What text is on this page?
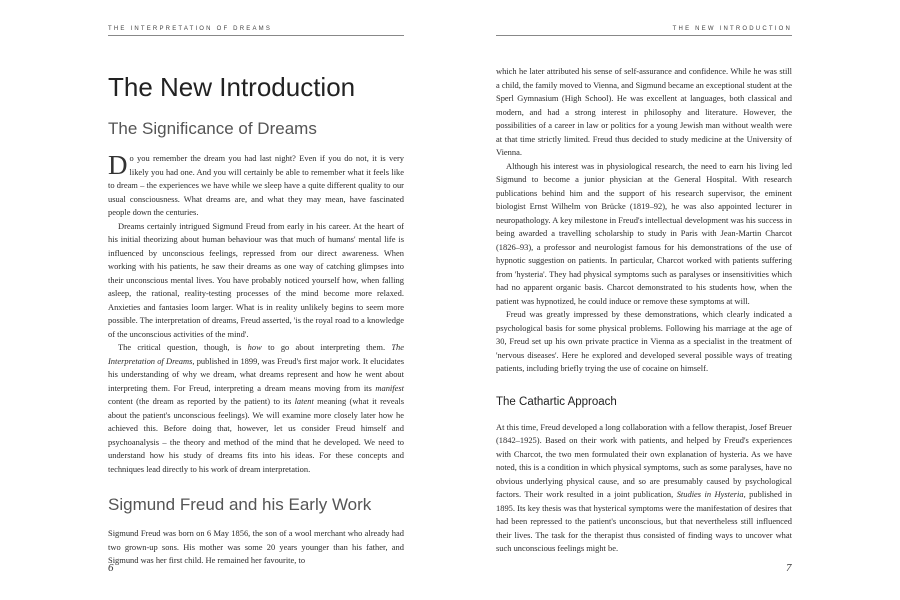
THE INTERPRETATION OF DREAMS
The New Introduction
The Significance of Dreams

Do you remember the dream you had last night? Even if you do not, it is very likely you had one. And you will certainly be able to remember what it feels like to dream – the experiences we have while we sleep have a quite different quality to our usual consciousness. What dreams are, and what they may mean, have fascinated people down the centuries.

Dreams certainly intrigued Sigmund Freud from early in his career. At the heart of his initial theorizing about human behaviour was that much of humans' mental life is influenced by unconscious feelings, repressed from our direct awareness. When working with his patients, he saw their dreams as one way of catching glimpses into their unconscious mental lives. You have probably noticed yourself how, when falling asleep, the rational, reality-testing processes of the mind become more relaxed. Anxieties and fantasies loom larger. What is in reality unlikely begins to seem more possible. The interpretation of dreams, Freud asserted, 'is the royal road to a knowledge of the unconscious activities of the mind'.

The critical question, though, is how to go about interpreting them. The Interpretation of Dreams, published in 1899, was Freud's first major work. It elucidates his understanding of why we dream, what dreams represent and how he went about interpreting them. For Freud, interpreting a dream means moving from its manifest content (the dream as reported by the patient) to its latent meaning (what it reveals about the patient's unconscious feelings). We will examine more closely later how he achieved this. Before doing that, however, let us consider Freud himself and psychoanalysis – the theory and method of the mind that he developed. We need to understand how his study of dreams fits into his ideas. For these concepts and techniques lead directly to his work of dream interpretation.

Sigmund Freud and his Early Work

Sigmund Freud was born on 6 May 1856, the son of a wool merchant who already had two grown-up sons. His mother was some 20 years younger than his father, and Sigmund was her first child. He remained her favourite, to

6
THE NEW INTRODUCTION

which he later attributed his sense of self-assurance and confidence. While he was still a child, the family moved to Vienna, and Sigmund became an exceptional student at the Sperl Gymnasium (High School). He was excellent at languages, both classical and modern, and had a strong interest in philosophy and literature. However, the possibilities of a career in law or politics for a young Jewish man without wealth were at that time strictly limited. Freud thus decided to study medicine at the University of Vienna.

Although his interest was in physiological research, the need to earn his living led Sigmund to become a junior physician at the General Hospital. With research publications behind him and the support of his research supervisor, the eminent biologist Ernst Wilhelm von Brücke (1819–92), he was also appointed lecturer in neuropathology. A key milestone in Freud's intellectual development was his success in being awarded a travelling scholarship to study in Paris with Jean-Martin Charcot (1826–93), a professor and neurologist famous for his demonstrations of the use of hypnotic suggestion on patients. In particular, Charcot worked with patients suffering from 'hysteria'. They had physical symptoms such as paralyses or insensitivities which had no apparent organic basis. Charcot demonstrated to his students how, when the patient was hypnotized, he could induce or remove these symptoms at will.

Freud was greatly impressed by these demonstrations, which clearly indicated a psychological basis for some physical problems. Following his marriage at the age of 30, Freud set up his own private practice in Vienna as a specialist in the treatment of 'nervous diseases'. Here he explored and developed several possible ways of treating patients, including briefly trying the use of cocaine on himself.

The Cathartic Approach

At this time, Freud developed a long collaboration with a fellow therapist, Josef Breuer (1842–1925). Based on their work with patients, and helped by Freud's experiences with Charcot, the two men formulated their own explanation of hysteria. As we have noted, this is a condition in which physical symptoms, such as some paralyses, have no obvious underlying physical cause, and so are presumably caused by psychological factors. Their work resulted in a joint publication, Studies in Hysteria, published in 1895. Its key thesis was that hysterical symptoms were the manifestation of desires that had been repressed to the patient's unconscious, but that nevertheless still influenced their lives. The task for the therapist thus consisted of finding ways to uncover what such unconscious feelings might be.

7
